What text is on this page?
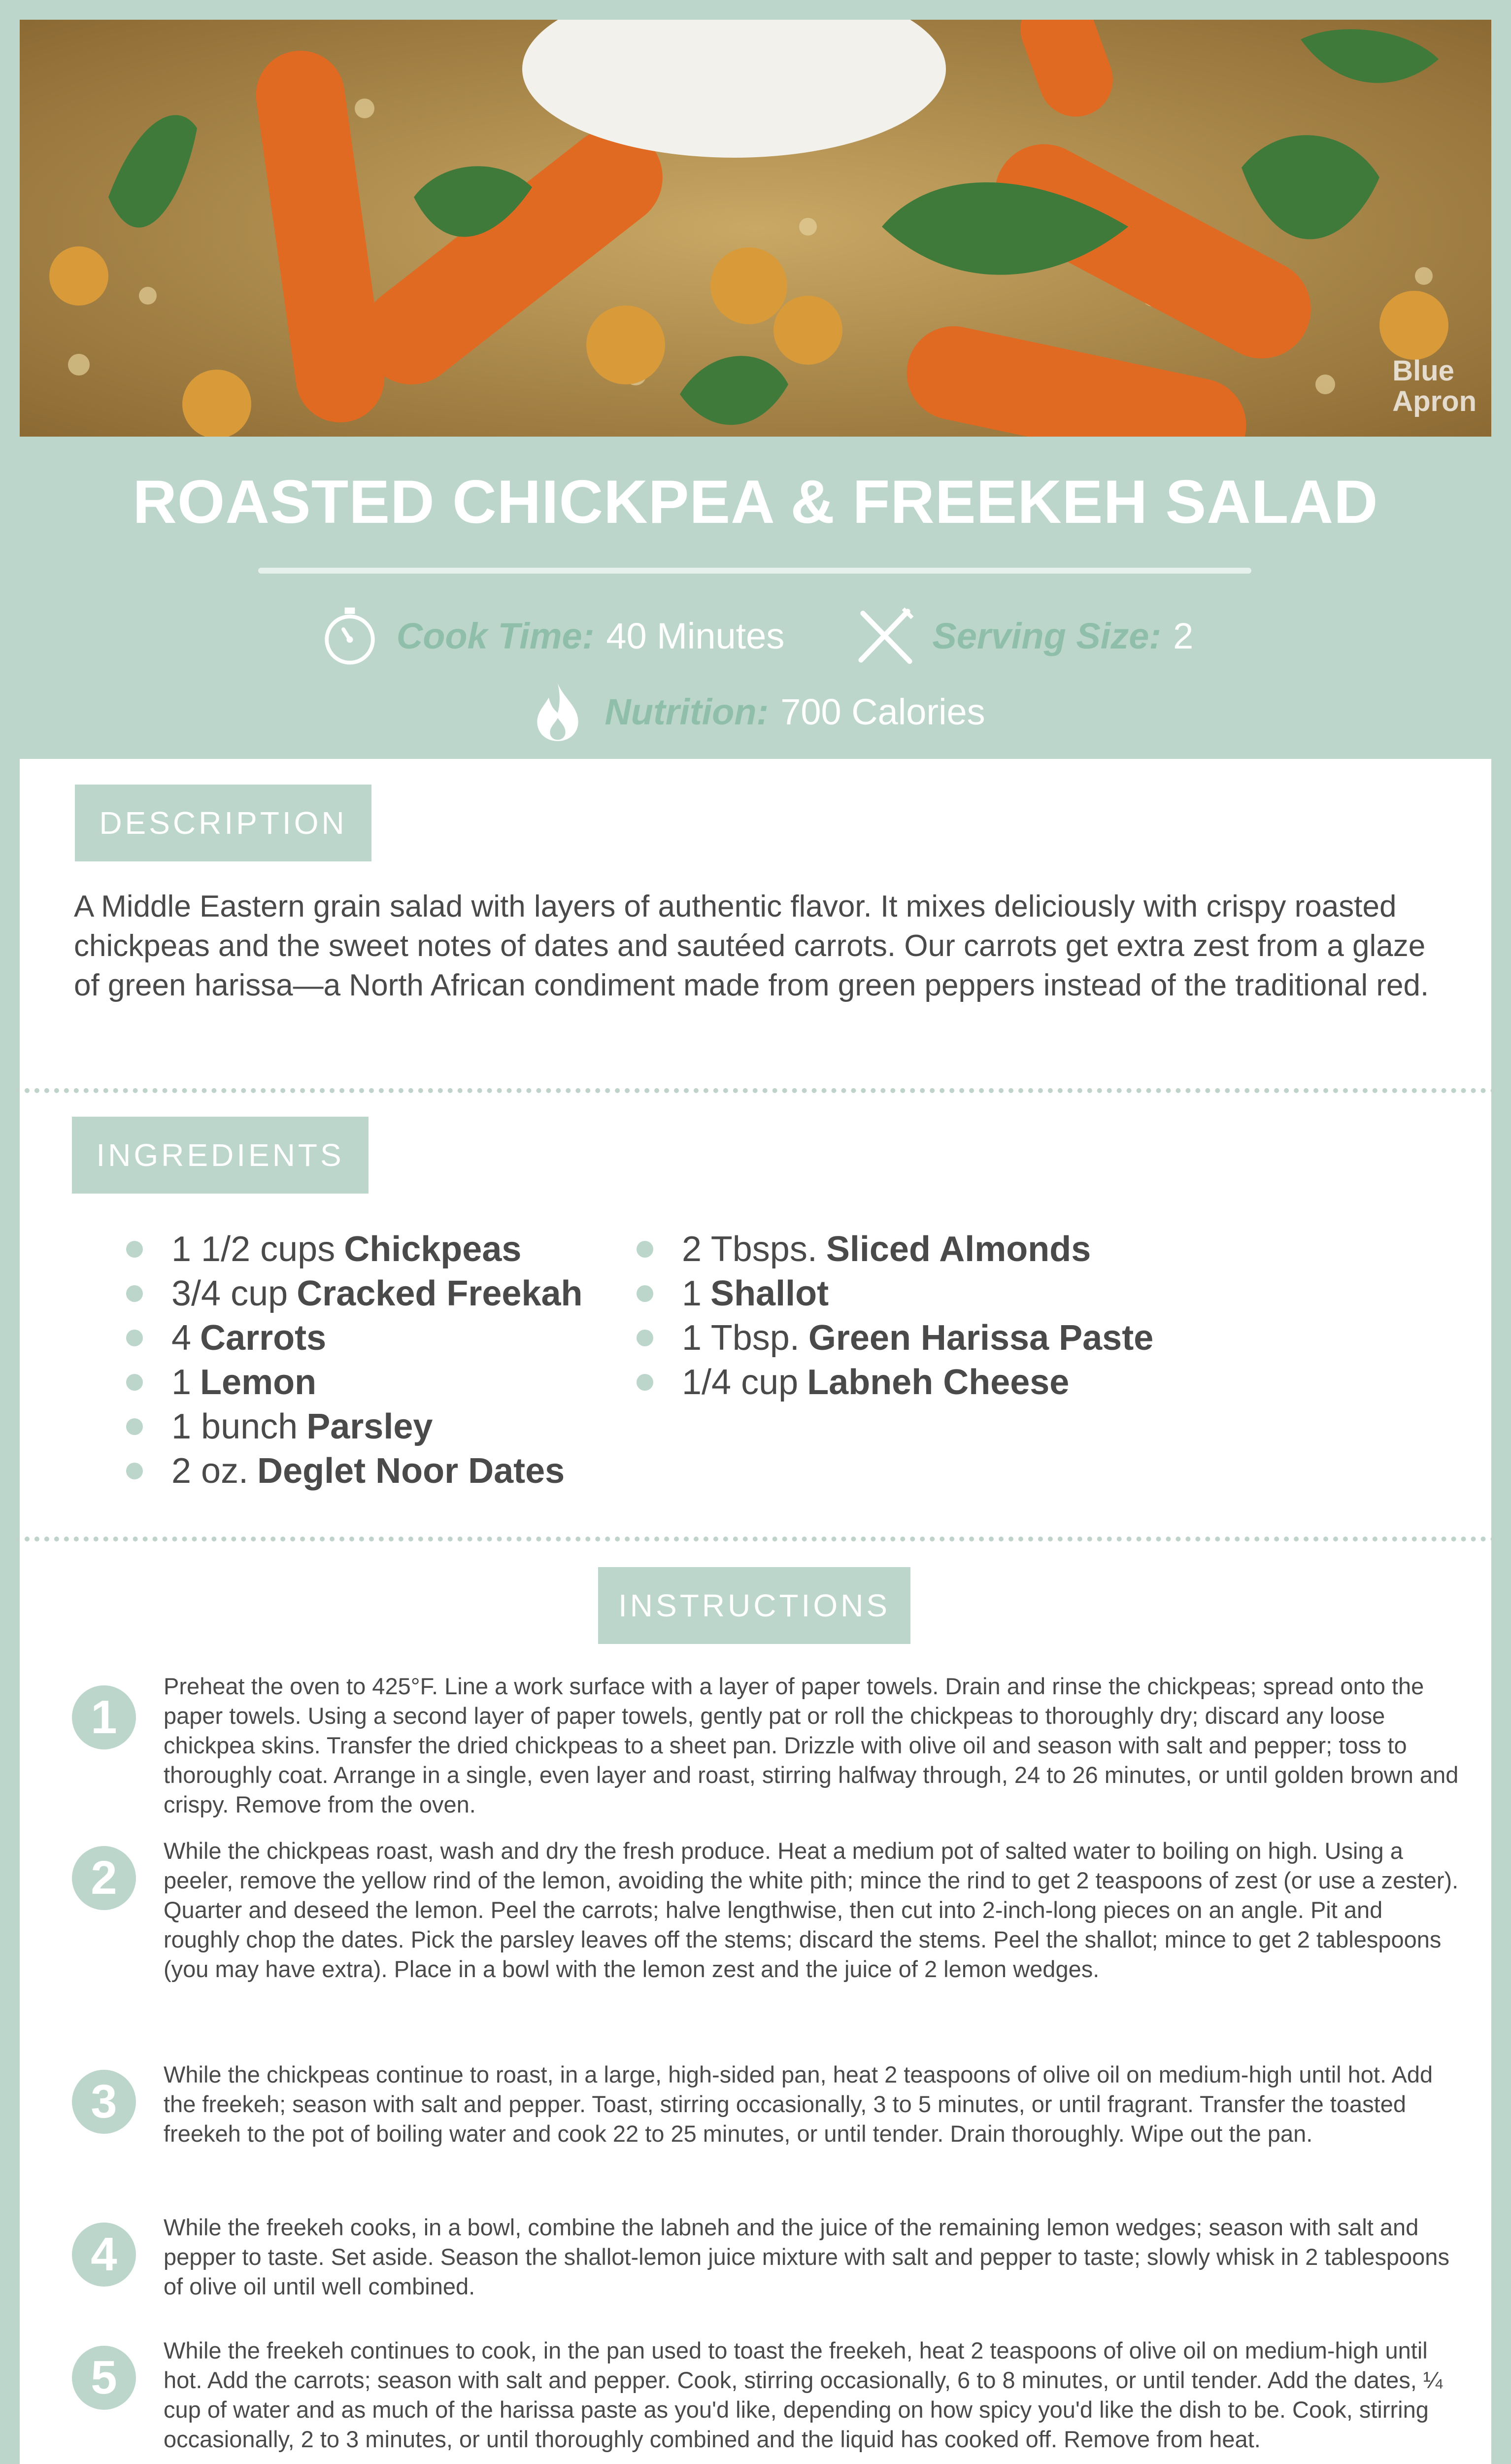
Blue
Apron
ROASTED CHICKPEA & FREEKEH SALAD
Cook Time: 40 Minutes	Serving Size: 2
Nutrition: 700 Calories
DESCRIPTION
A Middle Eastern grain salad with layers of authentic flavor. It mixes deliciously with crispy roasted chickpeas and the sweet notes of dates and sautéed carrots. Our carrots get extra zest from a glaze of green harissa—a North African condiment made from green peppers instead of the traditional red.
INGREDIENTS
1 1/2 cups Chickpeas
3/4 cup Cracked Freekah
4 Carrots
1 Lemon
1 bunch Parsley
2 oz. Deglet Noor Dates
2 Tbsps. Sliced Almonds
1 Shallot
1 Tbsp. Green Harissa Paste
1/4 cup Labneh Cheese
INSTRUCTIONS
1
Preheat the oven to 425°F. Line a work surface with a layer of paper towels. Drain and rinse the chickpeas; spread onto the paper towels. Using a second layer of paper towels, gently pat or roll the chickpeas to thoroughly dry; discard any loose chickpea skins. Transfer the dried chickpeas to a sheet pan. Drizzle with olive oil and season with salt and pepper; toss to thoroughly coat. Arrange in a single, even layer and roast, stirring halfway through, 24 to 26 minutes, or until golden brown and crispy. Remove from the oven.
2
While the chickpeas roast, wash and dry the fresh produce. Heat a medium pot of salted water to boiling on high. Using a peeler, remove the yellow rind of the lemon, avoiding the white pith; mince the rind to get 2 teaspoons of zest (or use a zester). Quarter and deseed the lemon. Peel the carrots; halve lengthwise, then cut into 2-inch-long pieces on an angle. Pit and roughly chop the dates. Pick the parsley leaves off the stems; discard the stems. Peel the shallot; mince to get 2 tablespoons (you may have extra). Place in a bowl with the lemon zest and the juice of 2 lemon wedges.
3
While the chickpeas continue to roast, in a large, high-sided pan, heat 2 teaspoons of olive oil on medium-high until hot. Add the freekeh; season with salt and pepper. Toast, stirring occasionally, 3 to 5 minutes, or until fragrant. Transfer the toasted freekeh to the pot of boiling water and cook 22 to 25 minutes, or until tender. Drain thoroughly. Wipe out the pan.
4
While the freekeh cooks, in a bowl, combine the labneh and the juice of the remaining lemon wedges; season with salt and pepper to taste. Set aside. Season the shallot-lemon juice mixture with salt and pepper to taste; slowly whisk in 2 tablespoons of olive oil until well combined.
5
While the freekeh continues to cook, in the pan used to toast the freekeh, heat 2 teaspoons of olive oil on medium-high until hot. Add the carrots; season with salt and pepper. Cook, stirring occasionally, 6 to 8 minutes, or until tender. Add the dates, ¼ cup of water and as much of the harissa paste as you'd like, depending on how spicy you'd like the dish to be. Cook, stirring occasionally, 2 to 3 minutes, or until thoroughly combined and the liquid has cooked off. Remove from heat.
